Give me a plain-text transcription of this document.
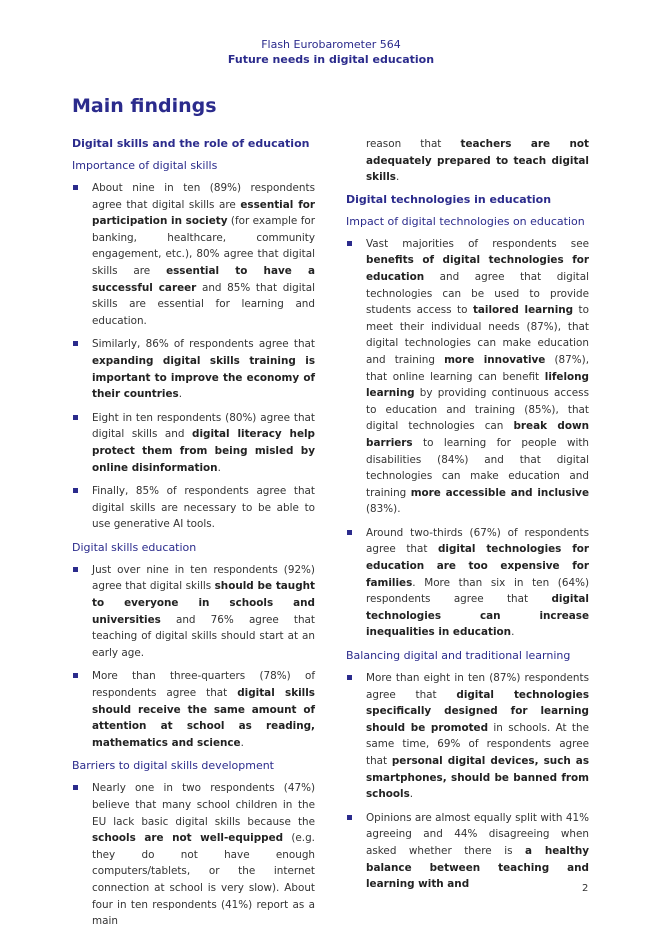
Flash Eurobarometer 564
Future needs in digital education
Main findings
Digital skills and the role of education
Importance of digital skills
About nine in ten (89%) respondents agree that digital skills are essential for participation in society (for example for banking, healthcare, community engagement, etc.), 80% agree that digital skills are essential to have a successful career and 85% that digital skills are essential for learning and education.
Similarly, 86% of respondents agree that expanding digital skills training is important to improve the economy of their countries.
Eight in ten respondents (80%) agree that digital skills and digital literacy help protect them from being misled by online disinformation.
Finally, 85% of respondents agree that digital skills are necessary to be able to use generative AI tools.
Digital skills education
Just over nine in ten respondents (92%) agree that digital skills should be taught to everyone in schools and universities and 76% agree that teaching of digital skills should start at an early age.
More than three-quarters (78%) of respondents agree that digital skills should receive the same amount of attention at school as reading, mathematics and science.
Barriers to digital skills development
Nearly one in two respondents (47%) believe that many school children in the EU lack basic digital skills because the schools are not well-equipped (e.g. they do not have enough computers/tablets, or the internet connection at school is very slow). About four in ten respondents (41%) report as a main
reason that teachers are not adequately prepared to teach digital skills.
Digital technologies in education
Impact of digital technologies on education
Vast majorities of respondents see benefits of digital technologies for education and agree that digital technologies can be used to provide students access to tailored learning to meet their individual needs (87%), that digital technologies can make education and training more innovative (87%), that online learning can benefit lifelong learning by providing continuous access to education and training (85%), that digital technologies can break down barriers to learning for people with disabilities (84%) and that digital technologies can make education and training more accessible and inclusive (83%).
Around two-thirds (67%) of respondents agree that digital technologies for education are too expensive for families. More than six in ten (64%) respondents agree that digital technologies can increase inequalities in education.
Balancing digital and traditional learning
More than eight in ten (87%) respondents agree that digital technologies specifically designed for learning should be promoted in schools. At the same time, 69% of respondents agree that personal digital devices, such as smartphones, should be banned from schools.
Opinions are almost equally split with 41% agreeing and 44% disagreeing when asked whether there is a healthy balance between teaching and learning with and	2
